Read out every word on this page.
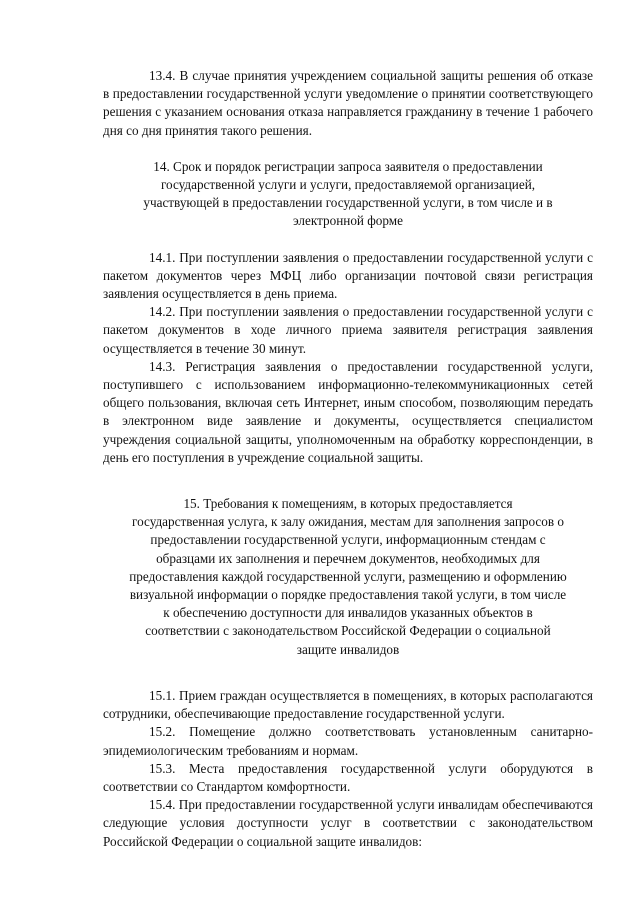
13.4. В случае принятия учреждением социальной защиты решения об отказе в предоставлении государственной услуги уведомление о принятии соответствующего решения с указанием основания отказа направляется гражданину в течение 1 рабочего дня со дня принятия такого решения.

14. Срок и порядок регистрации запроса заявителя о предоставлении
государственной услуги и услуги, предоставляемой организацией,
участвующей в предоставлении государственной услуги, в том числе и в
электронной форме

14.1. При поступлении заявления о предоставлении государственной услуги с пакетом документов через МФЦ либо организации почтовой связи регистрация заявления осуществляется в день приема.

14.2. При поступлении заявления о предоставлении государственной услуги с пакетом документов в ходе личного приема заявителя регистрация заявления осуществляется в течение 30 минут.

14.3. Регистрация заявления о предоставлении государственной услуги, поступившего с использованием информационно-телекоммуникационных сетей общего пользования, включая сеть Интернет, иным способом, позволяющим передать в электронном виде заявление и документы, осуществляется специалистом учреждения социальной защиты, уполномоченным на обработку корреспонденции, в день его поступления в учреждение социальной защиты.

15. Требования к помещениям, в которых предоставляется
государственная услуга, к залу ожидания, местам для заполнения запросов о
предоставлении государственной услуги, информационным стендам с
образцами их заполнения и перечнем документов, необходимых для
предоставления каждой государственной услуги, размещению и оформлению
визуальной информации о порядке предоставления такой услуги, в том числе
к обеспечению доступности для инвалидов указанных объектов в
соответствии с законодательством Российской Федерации о социальной
защите инвалидов

15.1. Прием граждан осуществляется в помещениях, в которых располагаются сотрудники, обеспечивающие предоставление государственной услуги.

15.2. Помещение должно соответствовать установленным санитарно-эпидемиологическим требованиям и нормам.

15.3. Места предоставления государственной услуги оборудуются в соответствии со Стандартом комфортности.

15.4. При предоставлении государственной услуги инвалидам обеспечиваются следующие условия доступности услуг в соответствии с законодательством Российской Федерации о социальной защите инвалидов:
